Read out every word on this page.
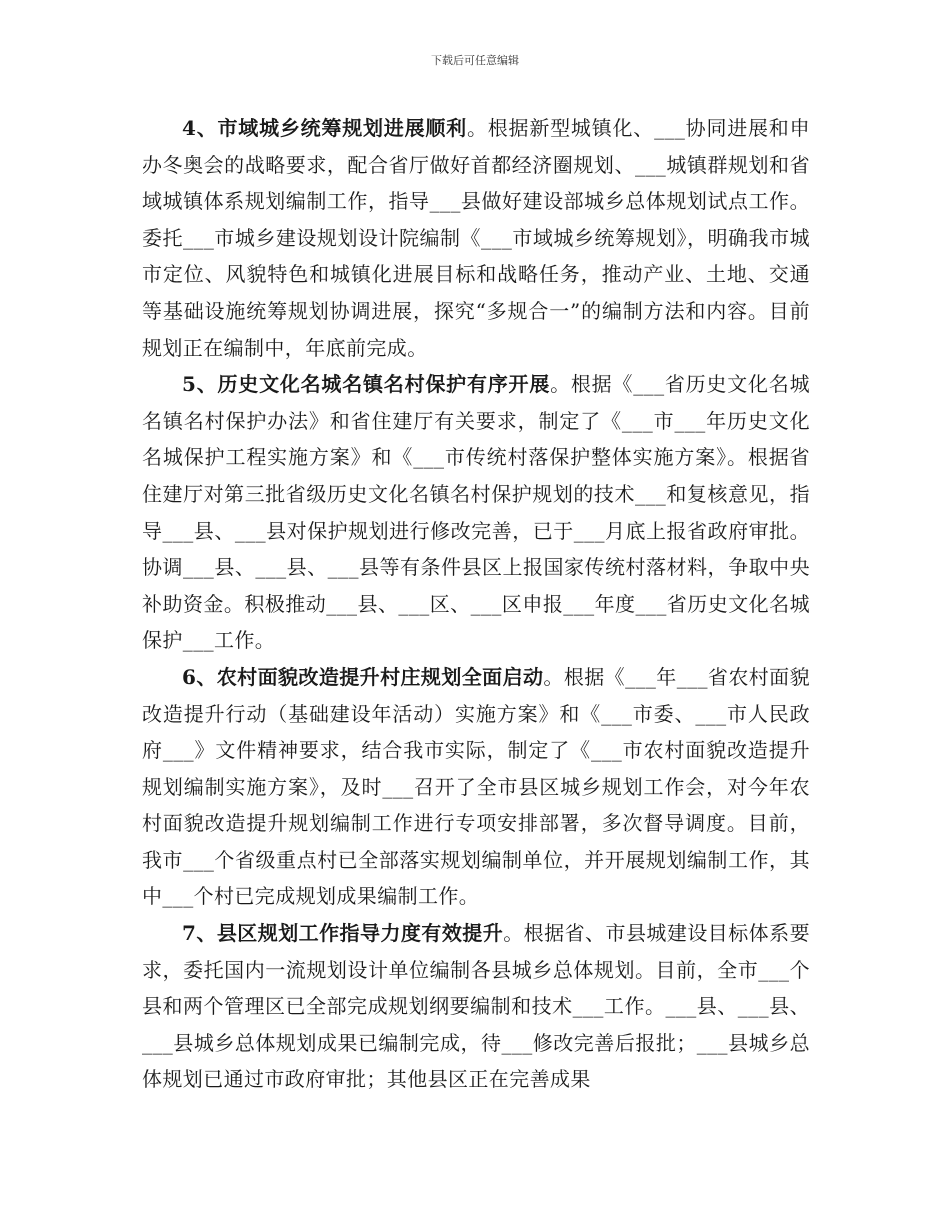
下载后可任意编辑

4、市域城乡统筹规划进展顺利。根据新型城镇化、___协同进展和申办冬奥会的战略要求，配合省厅做好首都经济圈规划、___城镇群规划和省域城镇体系规划编制工作，指导___县做好建设部城乡总体规划试点工作。委托___市城乡建设规划设计院编制《___市域城乡统筹规划》，明确我市城市定位、风貌特色和城镇化进展目标和战略任务，推动产业、土地、交通等基础设施统筹规划协调进展，探究“多规合一”的编制方法和内容。目前规划正在编制中，年底前完成。

5、历史文化名城名镇名村保护有序开展。根据《___省历史文化名城名镇名村保护办法》和省住建厅有关要求，制定了《___市___年历史文化名城保护工程实施方案》和《___市传统村落保护整体实施方案》。根据省住建厅对第三批省级历史文化名镇名村保护规划的技术___和复核意见，指导___县、___县对保护规划进行修改完善，已于___月底上报省政府审批。协调___县、___县、___县等有条件县区上报国家传统村落材料，争取中央补助资金。积极推动___县、___区、___区申报___年度___省历史文化名城保护___工作。

6、农村面貌改造提升村庄规划全面启动。根据《___年___省农村面貌改造提升行动（基础建设年活动）实施方案》和《___市委、___市人民政府___》文件精神要求，结合我市实际，制定了《___市农村面貌改造提升规划编制实施方案》，及时___召开了全市县区城乡规划工作会，对今年农村面貌改造提升规划编制工作进行专项安排部署，多次督导调度。目前，我市___个省级重点村已全部落实规划编制单位，并开展规划编制工作，其中___个村已完成规划成果编制工作。

7、县区规划工作指导力度有效提升。根据省、市县城建设目标体系要求，委托国内一流规划设计单位编制各县城乡总体规划。目前，全市___个县和两个管理区已全部完成规划纲要编制和技术___工作。___县、___县、___县城乡总体规划成果已编制完成，待___修改完善后报批；___县城乡总体规划已通过市政府审批；其他县区正在完善成果
